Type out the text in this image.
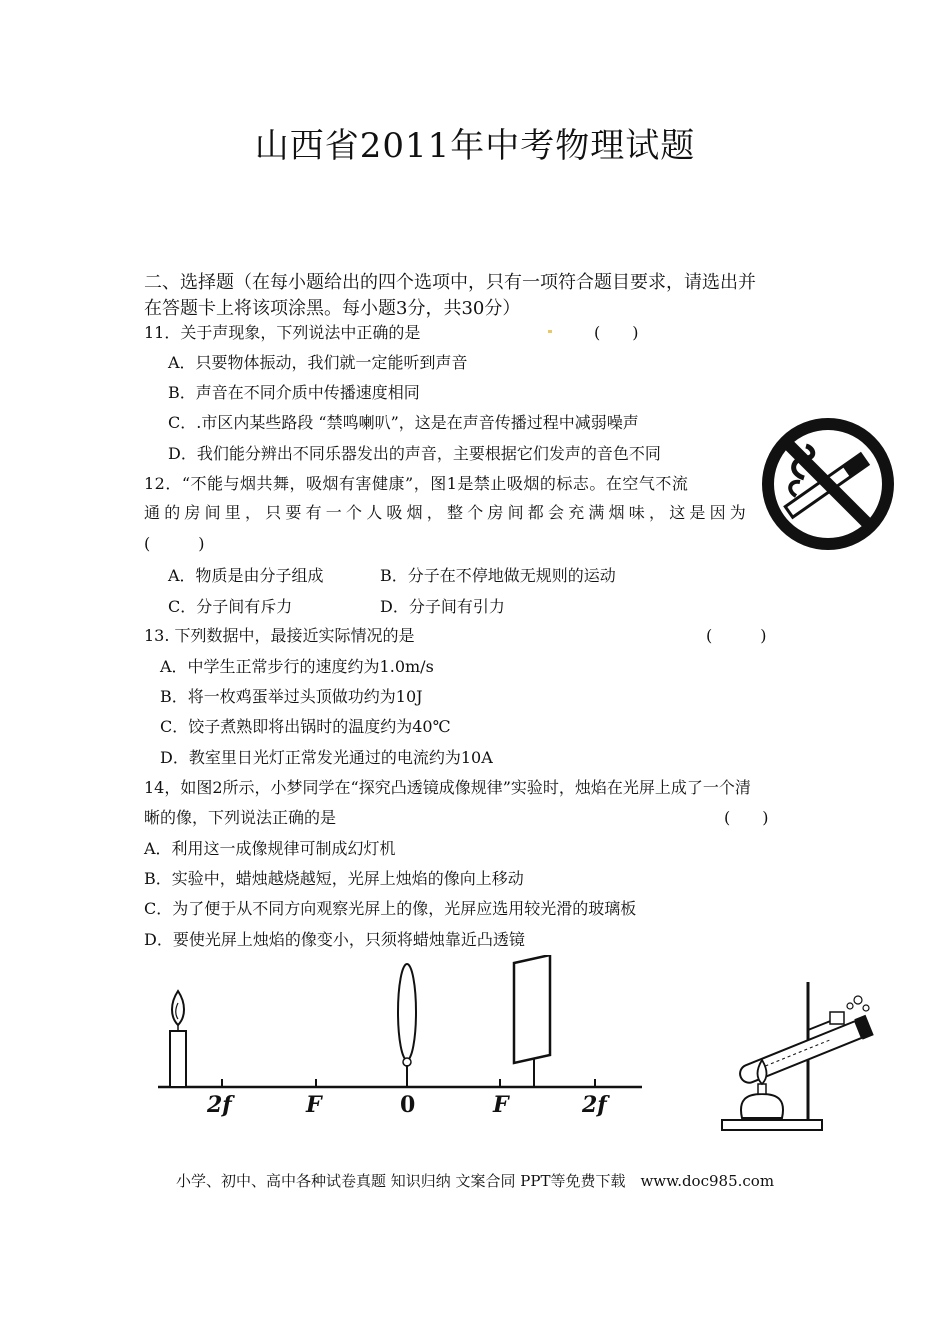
山西省2011年中考物理试题
二、选择题（在每小题给出的四个选项中，只有一项符合题目要求，请选出并
在答题卡上将该项涂黑。每小题3分，共30分）
11．关于声现象，下列说法中正确的是	(　　)
A．只要物体振动，我们就一定能听到声音
B．声音在不同介质中传播速度相同
C．.市区内某些路段 “禁鸣喇叭”，这是在声音传播过程中减弱噪声
D．我们能分辨出不同乐器发出的声音，主要根据它们发声的音色不同
12．“不能与烟共舞，吸烟有害健康”，图1是禁止吸烟的标志。在空气不流
通的房间里，只要有一个人吸烟，整个房间都会充满烟味，这是因为
(　　　)
A．物质是由分子组成	B．分子在不停地做无规则的运动
C．分子间有斥力	D．分子间有引力
13. 下列数据中，最接近实际情况的是	(　　　)
A．中学生正常步行的速度约为1.0m/s
B．将一枚鸡蛋举过头顶做功约为10J
C．饺子煮熟即将出锅时的温度约为40℃
D．教室里日光灯正常发光通过的电流约为10A
14，如图2所示，小梦同学在“探究凸透镜成像规律”实验时，烛焰在光屏上成了一个清
晰的像，下列说法正确的是	(　　)
A．利用这一成像规律可制成幻灯机
B．实验中，蜡烛越烧越短，光屏上烛焰的像向上移动
C．为了便于从不同方向观察光屏上的像，光屏应选用较光滑的玻璃板
D．要使光屏上烛焰的像变小，只须将蜡烛靠近凸透镜
2f	F	0	F	2f
小学、初中、高中各种试卷真题 知识归纳 文案合同 PPT等免费下载　www.doc985.com
